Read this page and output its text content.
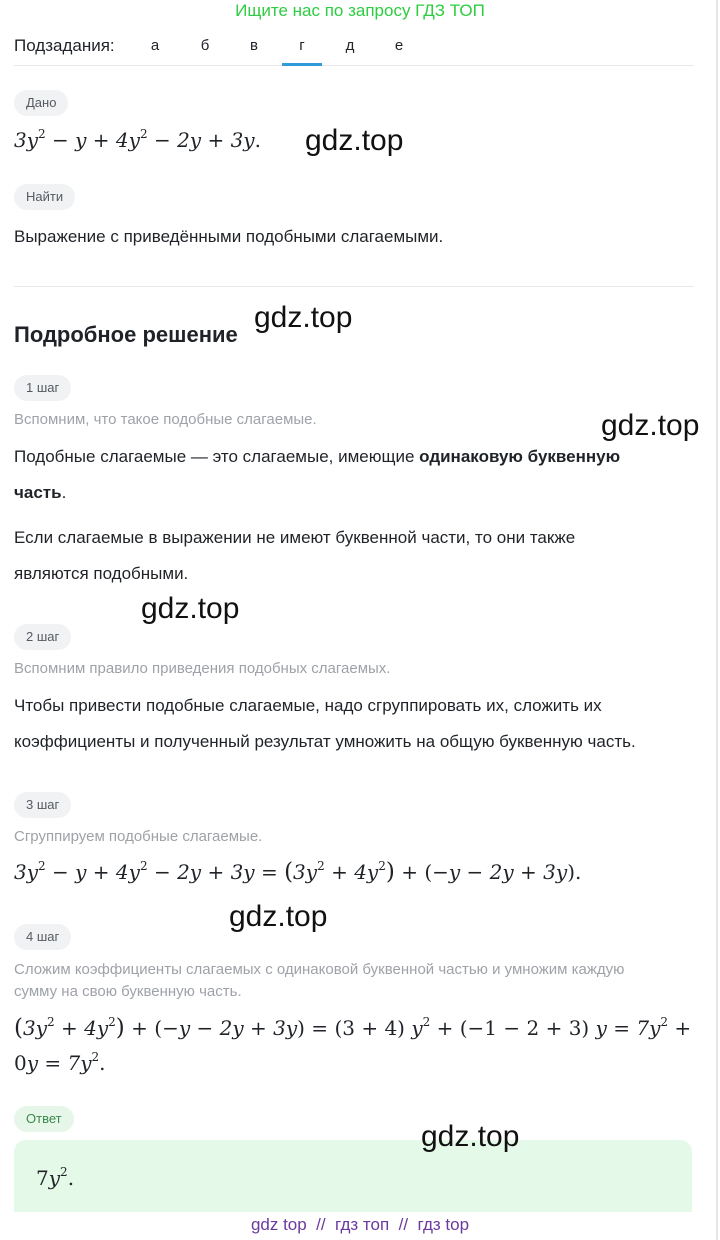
Ищите нас по запросу ГДЗ ТОП
Подзадания:	а	б	в	г	д	е
Дано
$3y^2 - y + 4y^2 - 2y + 3y$.
Найти
Выражение с приведёнными подобными слагаемыми.
Подробное решение
1 шаг
Вспомним, что такое подобные слагаемые.
Подобные слагаемые — это слагаемые, имеющие одинаковую буквенную
часть.
Если слагаемые в выражении не имеют буквенной части, то они также
являются подобными.
2 шаг
Вспомним правило приведения подобных слагаемых.
Чтобы привести подобные слагаемые, надо сгруппировать их, сложить их
коэффициенты и полученный результат умножить на общую буквенную часть.
3 шаг
Сгруппируем подобные слагаемые.
$3y^2 - y + 4y^2 - 2y + 3y = (3y^2 + 4y^2) + (-y - 2y + 3y)$.
4 шаг
Сложим коэффициенты слагаемых с одинаковой буквенной частью и умножим каждую
сумму на свою буквенную часть.
$(3y^2 + 4y^2) + (-y - 2y + 3y) = (3 + 4) y^2 + (-1 - 2 + 3) y = 7y^2$ +
$0y = 7y^2$.
Ответ
$7y^2$.
gdz.top
gdz.top
gdz.top
gdz.top
gdz.top
gdz.top
gdz top  //  гдз топ  //  гдз top
